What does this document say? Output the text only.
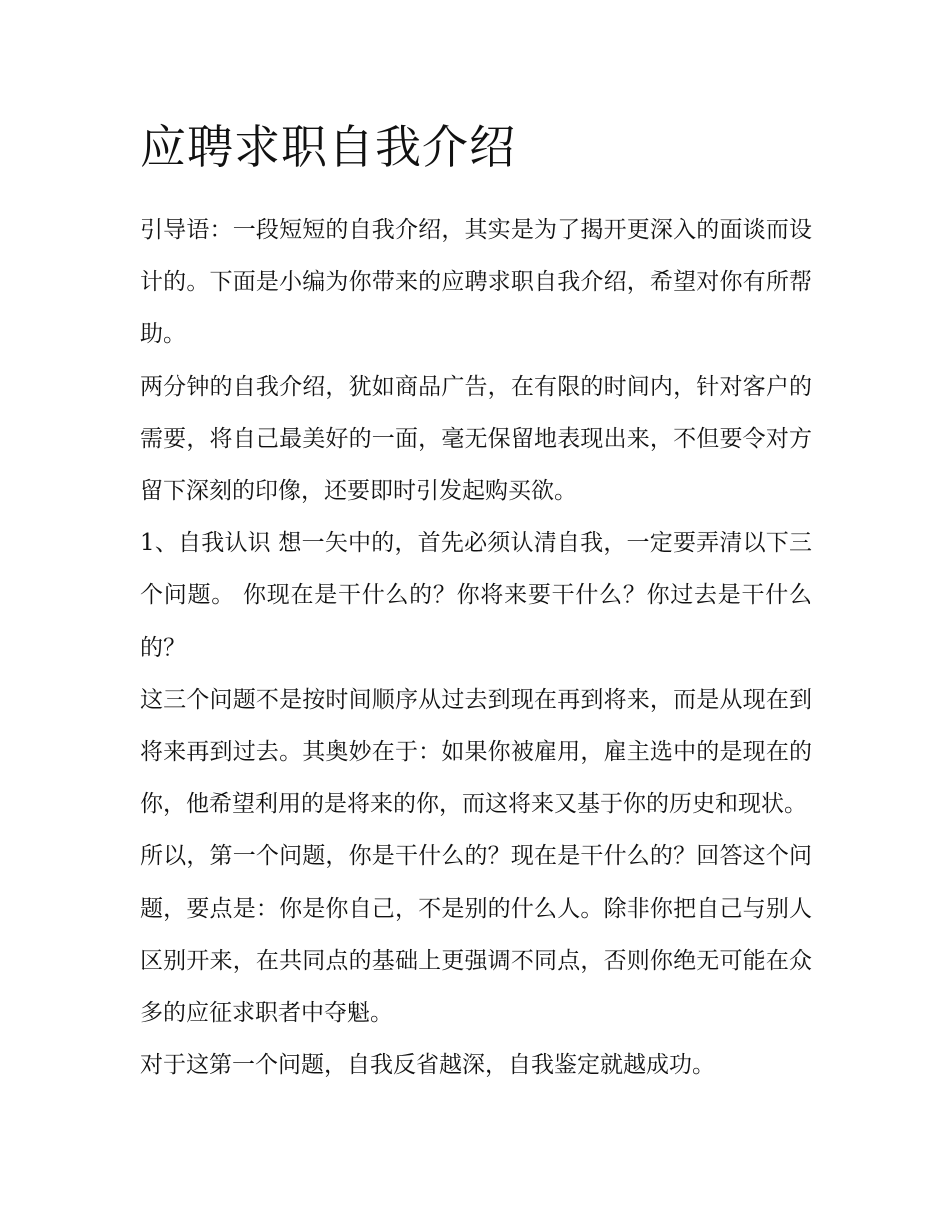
应聘求职自我介绍

引导语：一段短短的自我介绍，其实是为了揭开更深入的面谈而设计的。下面是小编为你带来的应聘求职自我介绍，希望对你有所帮助。

两分钟的自我介绍，犹如商品广告，在有限的时间内，针对客户的需要，将自己最美好的一面，毫无保留地表现出来，不但要令对方留下深刻的印像，还要即时引发起购买欲。

1、自我认识 想一矢中的，首先必须认清自我，一定要弄清以下三个问题。 你现在是干什么的？你将来要干什么？你过去是干什么的？

这三个问题不是按时间顺序从过去到现在再到将来，而是从现在到将来再到过去。其奥妙在于：如果你被雇用，雇主选中的是现在的你，他希望利用的是将来的你，而这将来又基于你的历史和现状。

所以，第一个问题，你是干什么的？现在是干什么的？回答这个问题，要点是：你是你自己，不是别的什么人。除非你把自己与别人区别开来，在共同点的基础上更强调不同点，否则你绝无可能在众多的应征求职者中夺魁。

对于这第一个问题，自我反省越深，自我鉴定就越成功。
